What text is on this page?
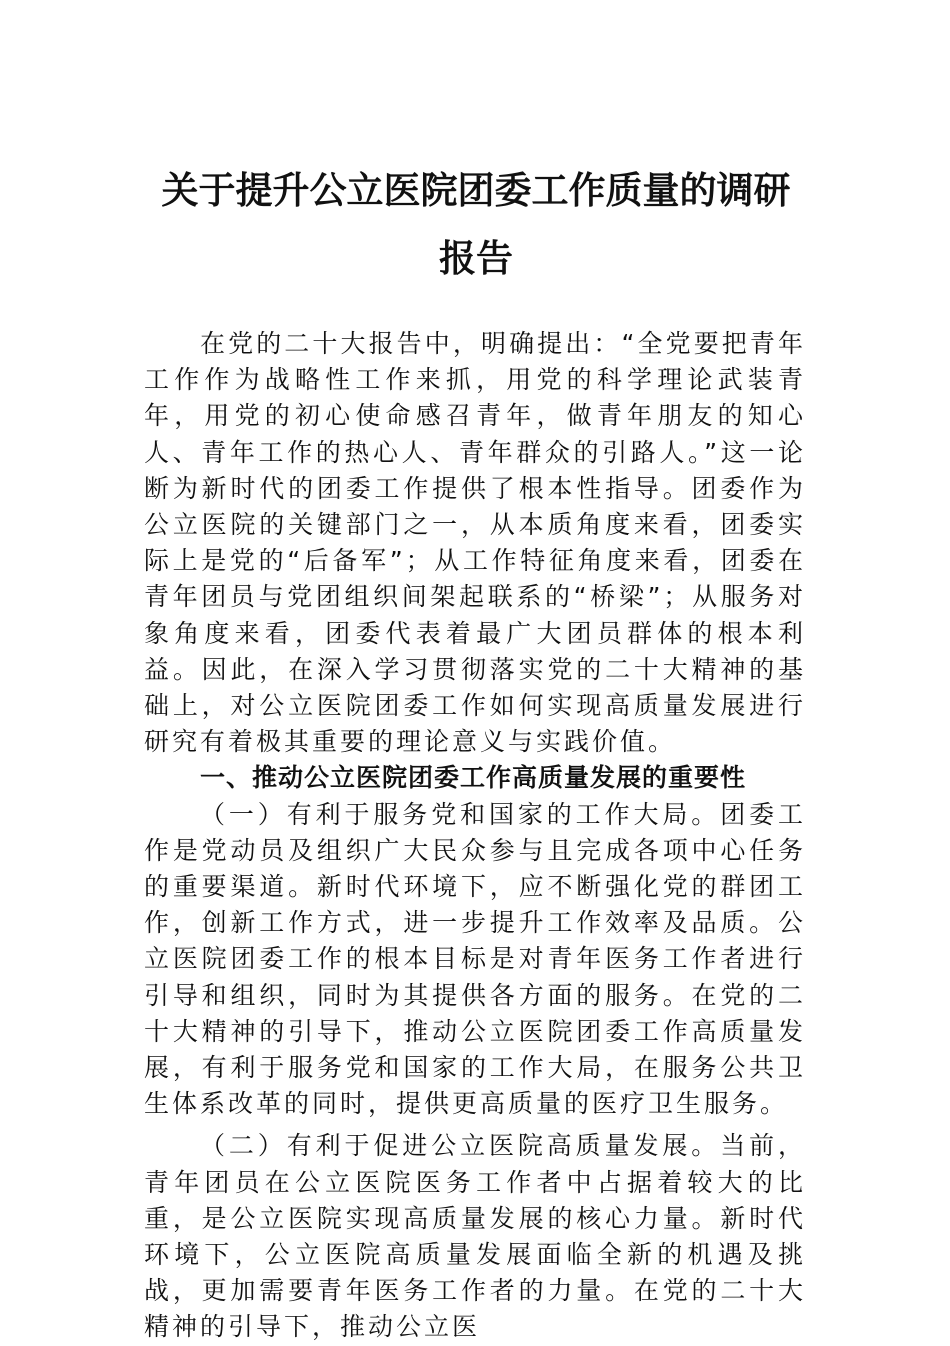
关于提升公立医院团委工作质量的调研报告

在党的二十大报告中，明确提出：“全党要把青年工作作为战略性工作来抓，用党的科学理论武装青年，用党的初心使命感召青年，做青年朋友的知心人、青年工作的热心人、青年群众的引路人。”这一论断为新时代的团委工作提供了根本性指导。团委作为公立医院的关键部门之一，从本质角度来看，团委实际上是党的“后备军”；从工作特征角度来看，团委在青年团员与党团组织间架起联系的“桥梁”；从服务对象角度来看，团委代表着最广大团员群体的根本利益。因此，在深入学习贯彻落实党的二十大精神的基础上，对公立医院团委工作如何实现高质量发展进行研究有着极其重要的理论意义与实践价值。

一、推动公立医院团委工作高质量发展的重要性

（一）有利于服务党和国家的工作大局。团委工作是党动员及组织广大民众参与且完成各项中心任务的重要渠道。新时代环境下，应不断强化党的群团工作，创新工作方式，进一步提升工作效率及品质。公立医院团委工作的根本目标是对青年医务工作者进行引导和组织，同时为其提供各方面的服务。在党的二十大精神的引导下，推动公立医院团委工作高质量发展，有利于服务党和国家的工作大局，在服务公共卫生体系改革的同时，提供更高质量的医疗卫生服务。

（二）有利于促进公立医院高质量发展。当前，青年团员在公立医院医务工作者中占据着较大的比重，是公立医院实现高质量发展的核心力量。新时代环境下，公立医院高质量发展面临全新的机遇及挑战，更加需要青年医务工作者的力量。在党的二十大精神的引导下，推动公立医
